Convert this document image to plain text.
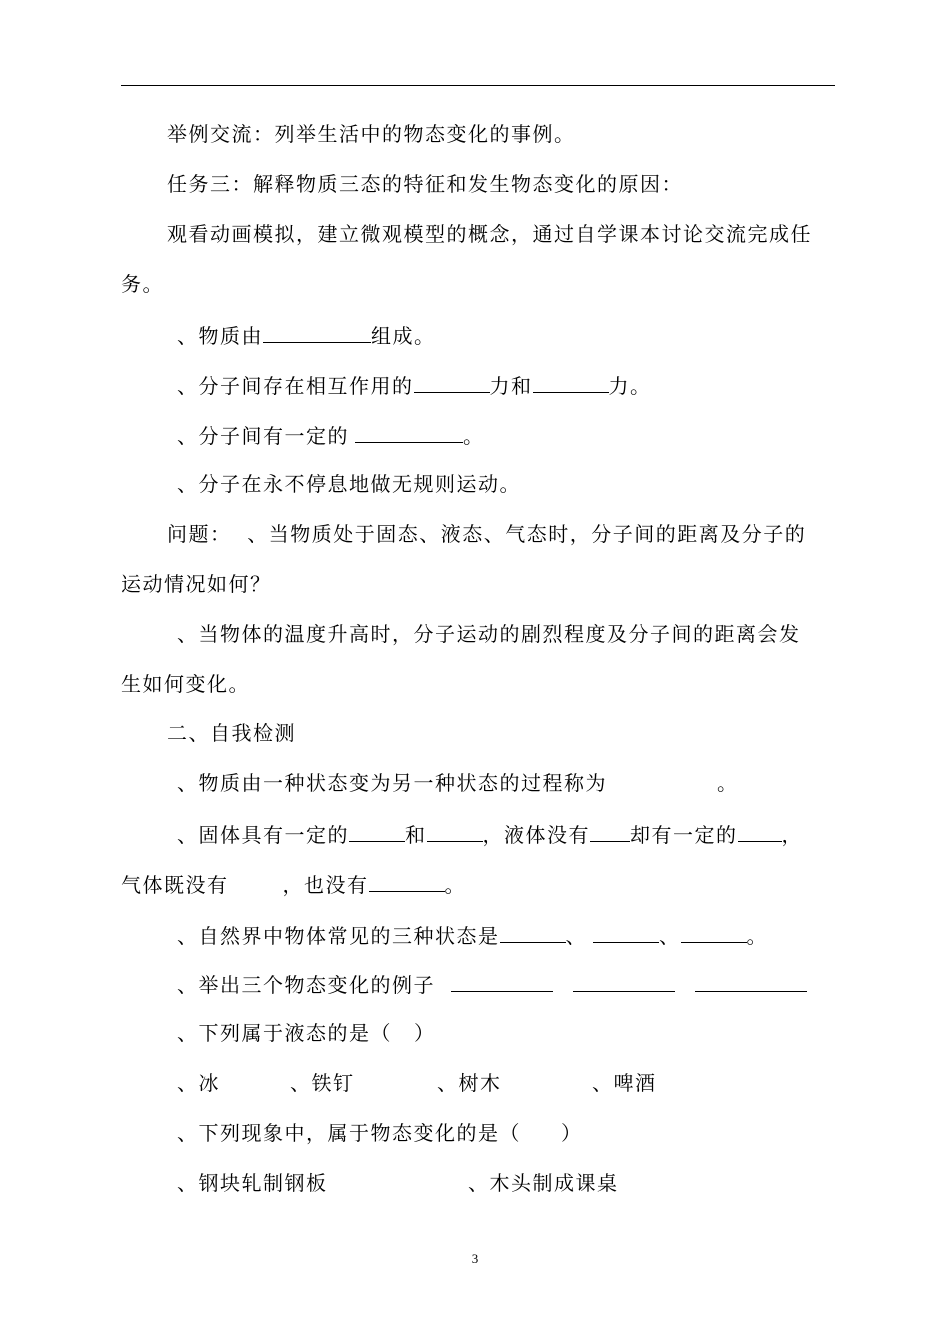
举例交流：列举生活中的物态变化的事例。
任务三：解释物质三态的特征和发生物态变化的原因：
观看动画模拟，建立微观模型的概念，通过自学课本讨论交流完成任
务。
、物质由	组成。
、分子间存在相互作用的	力和	力。
、分子间有一定的	。
、分子在永不停息地做无规则运动。
问题：  、当物质处于固态、液态、气态时，分子间的距离及分子的
运动情况如何？
、当物体的温度升高时，分子运动的剧烈程度及分子间的距离会发
生如何变化。
二、自我检测
、物质由一种状态变为另一种状态的过程称为	。
、固体具有一定的	和	，液体没有 却有一定的 ，
气体既没有	，也没有	。
、自然界中物体常见的三种状态是	、	、	。
、举出三个物态变化的例子
、下列属于液态的是（ ）
、冰	、铁钉	、树木	、啤酒
、下列现象中，属于物态变化的是（ ）
、钢块轧制钢板	、木头制成课桌
3
